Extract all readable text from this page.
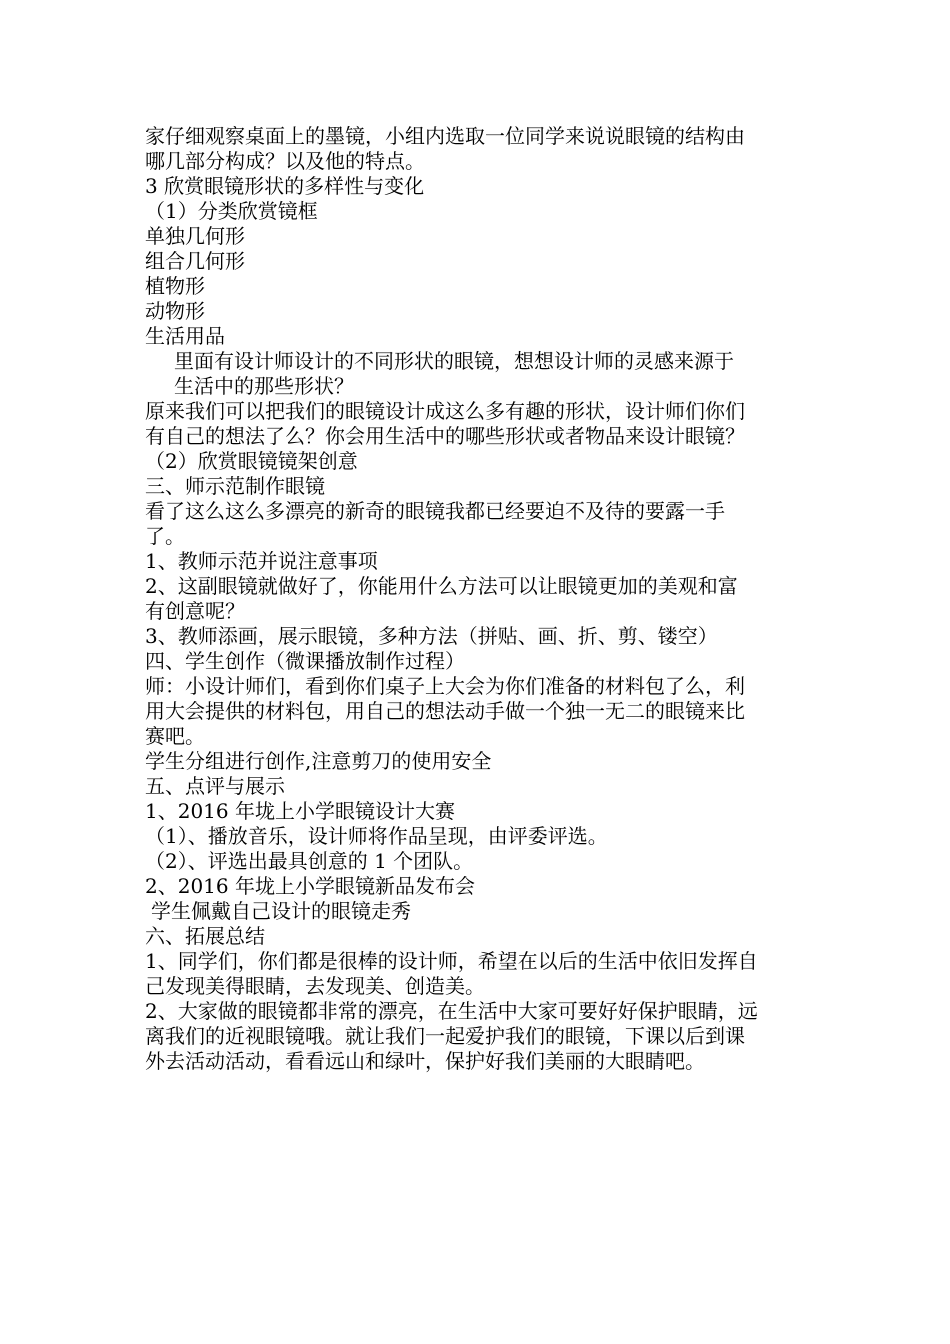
家仔细观察桌面上的墨镜，小组内选取一位同学来说说眼镜的结构由

哪几部分构成？以及他的特点。

3 欣赏眼镜形状的多样性与变化

（1）分类欣赏镜框

单独几何形

组合几何形

植物形

动物形

生活用品

里面有设计师设计的不同形状的眼镜，想想设计师的灵感来源于

生活中的那些形状？

原来我们可以把我们的眼镜设计成这么多有趣的形状，设计师们你们

有自己的想法了么？你会用生活中的哪些形状或者物品来设计眼镜？

（2）欣赏眼镜镜架创意

三、师示范制作眼镜

看了这么这么多漂亮的新奇的眼镜我都已经要迫不及待的要露一手

了。

1、教师示范并说注意事项

2、这副眼镜就做好了，你能用什么方法可以让眼镜更加的美观和富

有创意呢？

3、教师添画，展示眼镜，多种方法（拼贴、画、折、剪、镂空）

四、学生创作（微课播放制作过程）

师：小设计师们，看到你们桌子上大会为你们准备的材料包了么，利

用大会提供的材料包，用自己的想法动手做一个独一无二的眼镜来比

赛吧。

学生分组进行创作,注意剪刀的使用安全

五、点评与展示

1、2016 年垅上小学眼镜设计大赛

（1）、播放音乐，设计师将作品呈现，由评委评选。

（2）、评选出最具创意的 1 个团队。

2、2016 年垅上小学眼镜新品发布会

学生佩戴自己设计的眼镜走秀

六、拓展总结

1、同学们，你们都是很棒的设计师，希望在以后的生活中依旧发挥自

己发现美得眼睛，去发现美、创造美。

2、大家做的眼镜都非常的漂亮，在生活中大家可要好好保护眼睛，远

离我们的近视眼镜哦。就让我们一起爱护我们的眼镜，下课以后到课

外去活动活动，看看远山和绿叶，保护好我们美丽的大眼睛吧。
